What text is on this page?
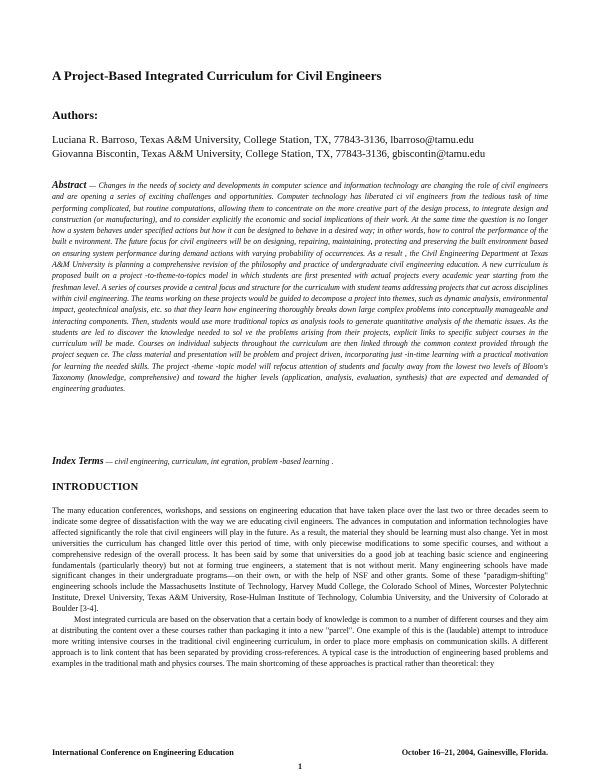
A Project-Based Integrated Curriculum for Civil Engineers
Authors:
Luciana R. Barroso, Texas A&M University, College Station, TX, 77843-3136, lbarroso@tamu.edu
Giovanna Biscontin, Texas A&M University, College Station, TX, 77843-3136, gbiscontin@tamu.edu
Abstract — Changes in the needs of society and developments in computer science and information technology are changing the role of civil engineers and are opening a series of exciting challenges and opportunities. Computer technology has liberated ci vil engineers from the tedious task of time performing complicated, but routine computations, allowing them to concentrate on the more creative part of the design process, to integrate design and construction (or manufacturing), and to consider explicitly the economic and social implications of their work. At the same time the question is no longer how a system behaves under specified actions but how it can be designed to behave in a desired way; in other words, how to control the performance of the built e nvironment. The future focus for civil engineers will be on designing, repairing, maintaining, protecting and preserving the built environment based on ensuring system performance during demand actions with varying probability of occurrences. As a result , the Civil Engineering Department at Texas A&M University is planning a comprehensive revision of the philosophy and practice of undergraduate civil engineering education. A new curriculum is proposed built on a project -to-theme-to-topics model in which students are first presented with actual projects every academic year starting from the freshman level. A series of courses provide a central focus and structure for the curriculum with student teams addressing projects that cut across disciplines within civil engineering. The teams working on these projects would be guided to decompose a project into themes, such as dynamic analysis, environmental impact, geotechnical analysis, etc. so that they learn how engineering thoroughly breaks down large complex problems into conceptually manageable and interacting components. Then, students would use more traditional topics as analysis tools to generate quantitative analysis of the thematic issues. As the students are led to discover the knowledge needed to sol ve the problems arising from their projects, explicit links to specific subject courses in the curriculum will be made. Courses on individual subjects throughout the curriculum are then linked through the common context provided through the project sequen ce. The class material and presentation will be problem and project driven, incorporating just -in-time learning with a practical motivation for learning the needed skills. The project -theme -topic model will refocus attention of students and faculty away from the lowest two levels of Bloom's Taxonomy (knowledge, comprehensive) and toward the higher levels (application, analysis, evaluation, synthesis) that are expected and demanded of engineering graduates.
Index Terms — civil engineering, curriculum, int egration, problem -based learning .
INTRODUCTION

The many education conferences, workshops, and sessions on engineering education that have taken place over the last two or three decades seem to indicate some degree of dissatisfaction with the way we are educating civil engineers. The advances in computation and information technologies have affected significantly the role that civil engineers will play in the future. As a result, the material they should be learning must also change. Yet in most universities the curriculum has changed little over this period of time, with only piecewise modifications to some specific courses, and without a comprehensive redesign of the overall process. It has been said by some that universities do a good job at teaching basic science and engineering fundamentals (particularly theory) but not at forming true engineers, a statement that is not without merit. Many engineering schools have made significant changes in their undergraduate programs—on their own, or with the help of NSF and other grants. Some of these "paradigm-shifting" engineering schools include the Massachusetts Institute of Technology, Harvey Mudd College, the Colorado School of Mines, Worcester Polytechnic Institute, Drexel University, Texas A&M University, Rose-Hulman Institute of Technology, Columbia University, and the University of Colorado at Boulder [3-4].

Most integrated curricula are based on the observation that a certain body of knowledge is common to a number of different courses and they aim at distributing the content over a these courses rather than packaging it into a new "parcel". One example of this is the (laudable) attempt to introduce more writing intensive courses in the traditional civil engineering curriculum, in order to place more emphasis on communication skills. A different approach is to link content that has been separated by providing cross-references. A typical case is the introduction of engineering based problems and examples in the traditional math and physics courses. The main shortcoming of these approaches is practical rather than theoretical: they

International Conference on Engineering Education	October 16–21, 2004, Gainesville, Florida.
1
